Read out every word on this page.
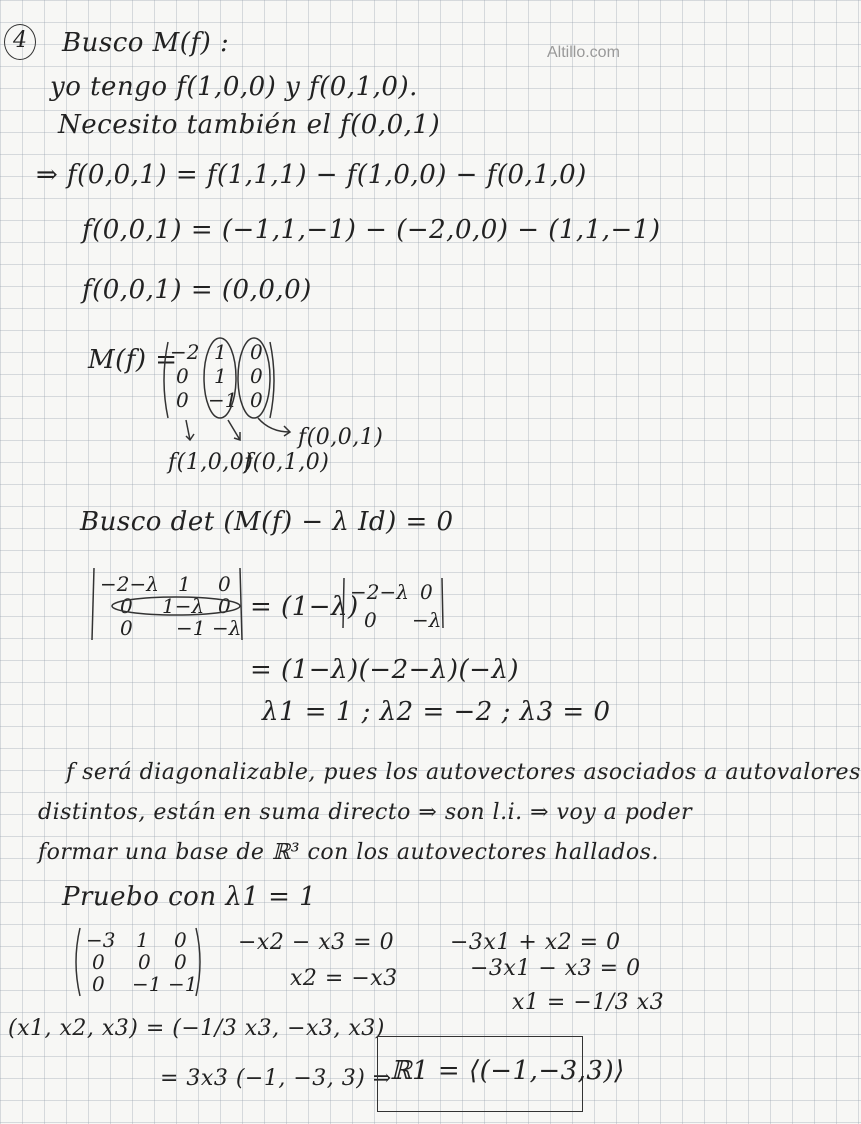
Altillo.com
4	Busco M(f) :
yo tengo f(1,0,0) y f(0,1,0).
Necesito también el f(0,0,1)
⇒ f(0,0,1) = f(1,1,1) − f(1,0,0) − f(0,1,0)
f(0,0,1) = (−1,1,−1) − (−2,0,0) − (1,1,−1)
f(0,0,1) = (0,0,0)
M(f) =
−2 1 0
0 1 0
0 −1 0
f(0,0,1)
f(1,0,0)
f(0,1,0)
Busco det (M(f) − λ Id) = 0
−2−λ 1 0
0 1−λ 0
0 −1 −λ
= (1−λ)
−2−λ 0
0 −λ
= (1−λ)(−2−λ)(−λ)
λ1 = 1 ; λ2 = −2 ; λ3 = 0
f será diagonalizable, pues los autovectores asociados a autovalores
distintos, están en suma directo ⇒ son l.i. ⇒ voy a poder
formar una base de ℝ³ con los autovectores hallados.
Pruebo con λ1 = 1
−3 1 0
0 0 0
0 −1 −1
−x2 − x3 = 0
x2 = −x3
−3x1 + x2 = 0
−3x1 − x3 = 0
x1 = −1/3 x3
(x1, x2, x3) = (−1/3 x3, −x3, x3)
= 3x3 (−1, −3, 3) ⇒
ℝ1 = ⟨(−1,−3,3)⟩
